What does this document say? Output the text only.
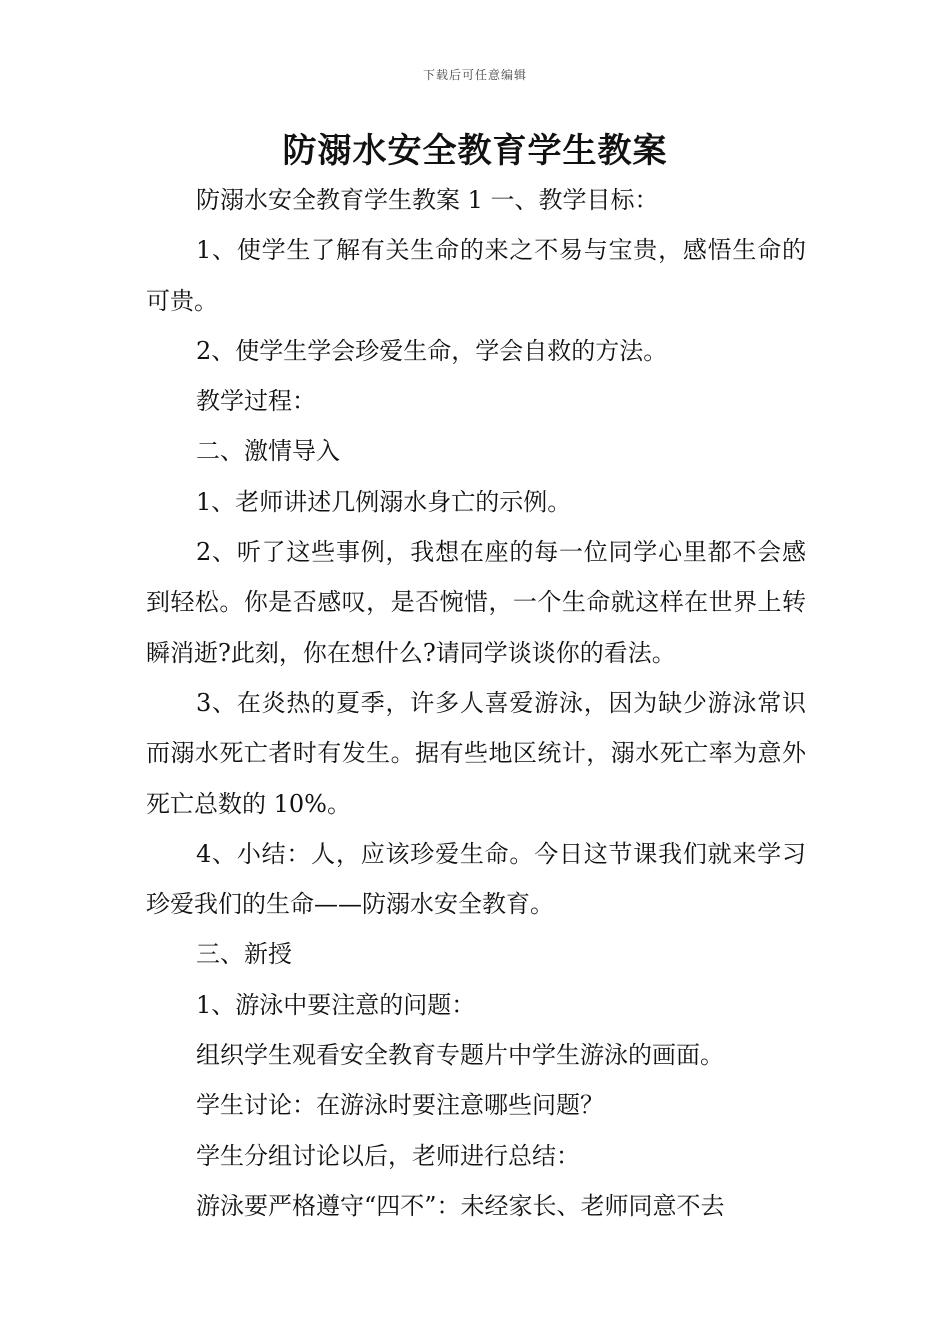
下载后可任意编辑
防溺水安全教育学生教案

防溺水安全教育学生教案 1 一、教学目标：

1、使学生了解有关生命的来之不易与宝贵，感悟生命的可贵。

2、使学生学会珍爱生命，学会自救的方法。

教学过程：

二、激情导入

1、老师讲述几例溺水身亡的示例。

2、听了这些事例，我想在座的每一位同学心里都不会感到轻松。你是否感叹，是否惋惜，一个生命就这样在世界上转瞬消逝?此刻，你在想什么?请同学谈谈你的看法。

3、在炎热的夏季，许多人喜爱游泳，因为缺少游泳常识而溺水死亡者时有发生。据有些地区统计，溺水死亡率为意外死亡总数的 10%。

4、小结：人，应该珍爱生命。今日这节课我们就来学习珍爱我们的生命——防溺水安全教育。

三、新授

1、游泳中要注意的问题：

组织学生观看安全教育专题片中学生游泳的画面。

学生讨论：在游泳时要注意哪些问题？

学生分组讨论以后，老师进行总结：

游泳要严格遵守“四不”：未经家长、老师同意不去
